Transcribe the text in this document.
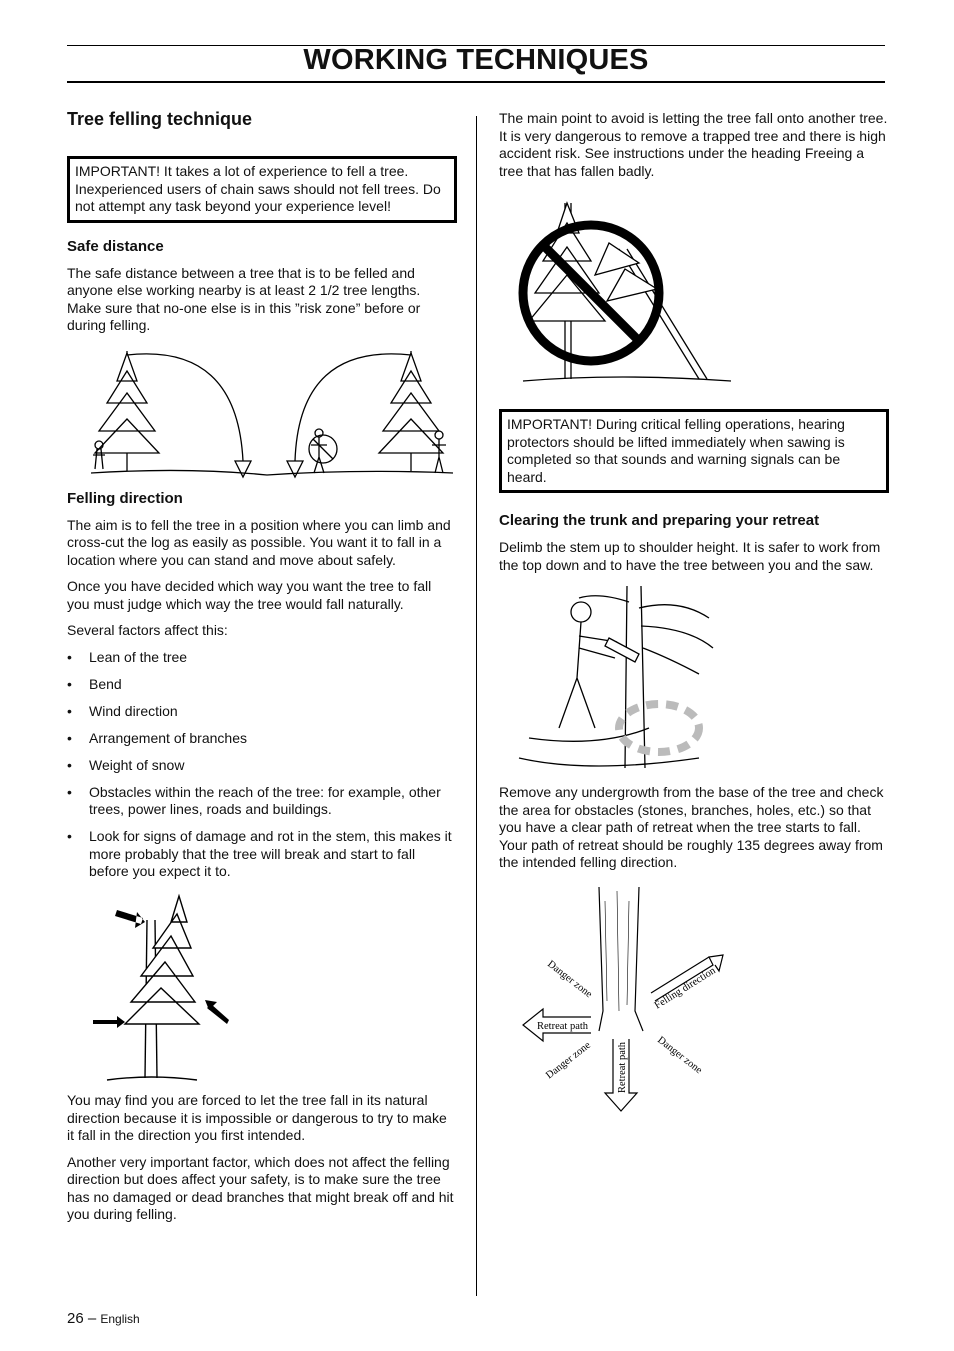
WORKING TECHNIQUES
Tree felling technique
IMPORTANT! It takes a lot of experience to fell a tree. Inexperienced users of chain saws should not fell trees. Do not attempt any task beyond your experience level!
Safe distance

The safe distance between a tree that is to be felled and anyone else working nearby is at least 2 1/2 tree lengths. Make sure that no-one else is in this ”risk zone” before or during felling.

Felling direction

The aim is to fell the tree in a position where you can limb and cross-cut the log as easily as possible. You want it to fall in a location where you can stand and move about safely.

Once you have decided which way you want the tree to fall you must judge which way the tree would fall naturally.

Several factors affect this:

• Lean of the tree
• Bend
• Wind direction
• Arrangement of branches
• Weight of snow
• Obstacles within the reach of the tree: for example, other trees, power lines, roads and buildings.
• Look for signs of damage and rot in the stem, this makes it more probably that the tree will break and start to fall before you expect it to.

You may find you are forced to let the tree fall in its natural direction because it is impossible or dangerous to try to make it fall in the direction you first intended.

Another very important factor, which does not affect the felling direction but does affect your safety, is to make sure the tree has no damaged or dead branches that might break off and hit you during felling.

The main point to avoid is letting the tree fall onto another tree. It is very dangerous to remove a trapped tree and there is high accident risk. See instructions under the heading Freeing a tree that has fallen badly.

IMPORTANT! During critical felling operations, hearing protectors should be lifted immediately when sawing is completed so that sounds and warning signals can be heard.
Clearing the trunk and preparing your retreat

Delimb the stem up to shoulder height. It is safer to work from the top down and to have the tree between you and the saw.

Remove any undergrowth from the base of the tree and check the area for obstacles (stones, branches, holes, etc.) so that you have a clear path of retreat when the tree starts to fall. Your path of retreat should be roughly 135 degrees away from the intended felling direction.

Danger zone	Felling direction
Retreat path
Danger zone Retreat path	Danger zone
26 – English
